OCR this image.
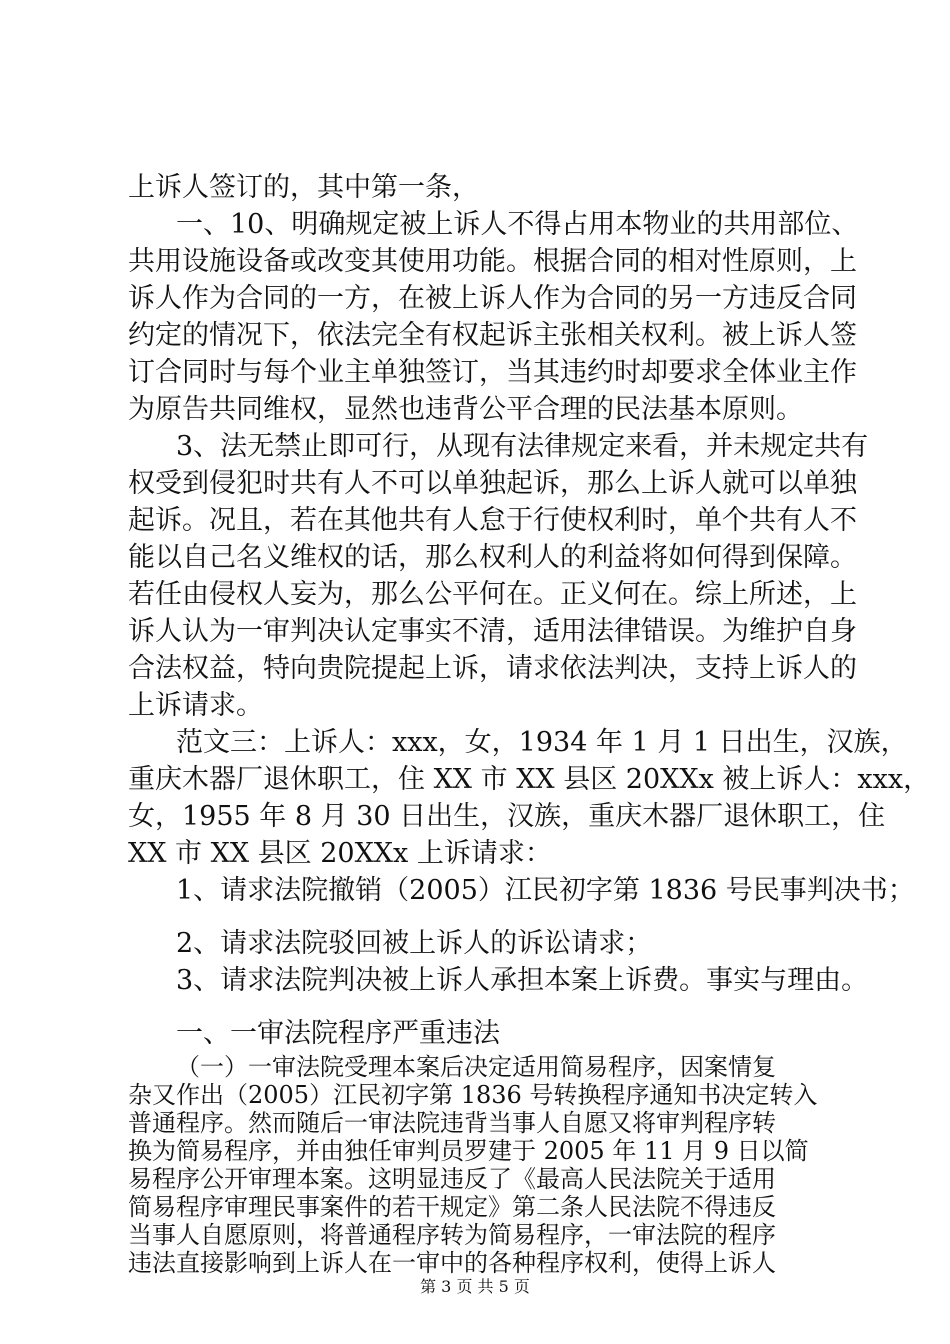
上诉人签订的，其中第一条，
一、10、明确规定被上诉人不得占用本物业的共用部位、
共用设施设备或改变其使用功能。根据合同的相对性原则，上
诉人作为合同的一方，在被上诉人作为合同的另一方违反合同
约定的情况下，依法完全有权起诉主张相关权利。被上诉人签
订合同时与每个业主单独签订，当其违约时却要求全体业主作
为原告共同维权，显然也违背公平合理的民法基本原则。
3、法无禁止即可行，从现有法律规定来看，并未规定共有
权受到侵犯时共有人不可以单独起诉，那么上诉人就可以单独
起诉。况且，若在其他共有人怠于行使权利时，单个共有人不
能以自己名义维权的话，那么权利人的利益将如何得到保障。
若任由侵权人妄为，那么公平何在。正义何在。综上所述，上
诉人认为一审判决认定事实不清，适用法律错误。为维护自身
合法权益，特向贵院提起上诉，请求依法判决，支持上诉人的
上诉请求。
范文三：上诉人：xxx，女，1934 年 1 月 1 日出生，汉族，
重庆木器厂退休职工，住 XX 市 XX 县区 20XXx 被上诉人：xxx，
女，1955 年 8 月 30 日出生，汉族，重庆木器厂退休职工，住
XX 市 XX 县区 20XXx 上诉请求：
1、请求法院撤销（2005）江民初字第 1836 号民事判决书；
2、请求法院驳回被上诉人的诉讼请求；
3、请求法院判决被上诉人承担本案上诉费。事实与理由。
一、一审法院程序严重违法
（一）一审法院受理本案后决定适用简易程序，因案情复
杂又作出（2005）江民初字第 1836 号转换程序通知书决定转入
普通程序。然而随后一审法院违背当事人自愿又将审判程序转
换为简易程序，并由独任审判员罗建于 2005 年 11 月 9 日以简
易程序公开审理本案。这明显违反了《最高人民法院关于适用
简易程序审理民事案件的若干规定》第二条人民法院不得违反
当事人自愿原则，将普通程序转为简易程序，一审法院的程序
违法直接影响到上诉人在一审中的各种程序权利，使得上诉人
第 3 页 共 5 页
